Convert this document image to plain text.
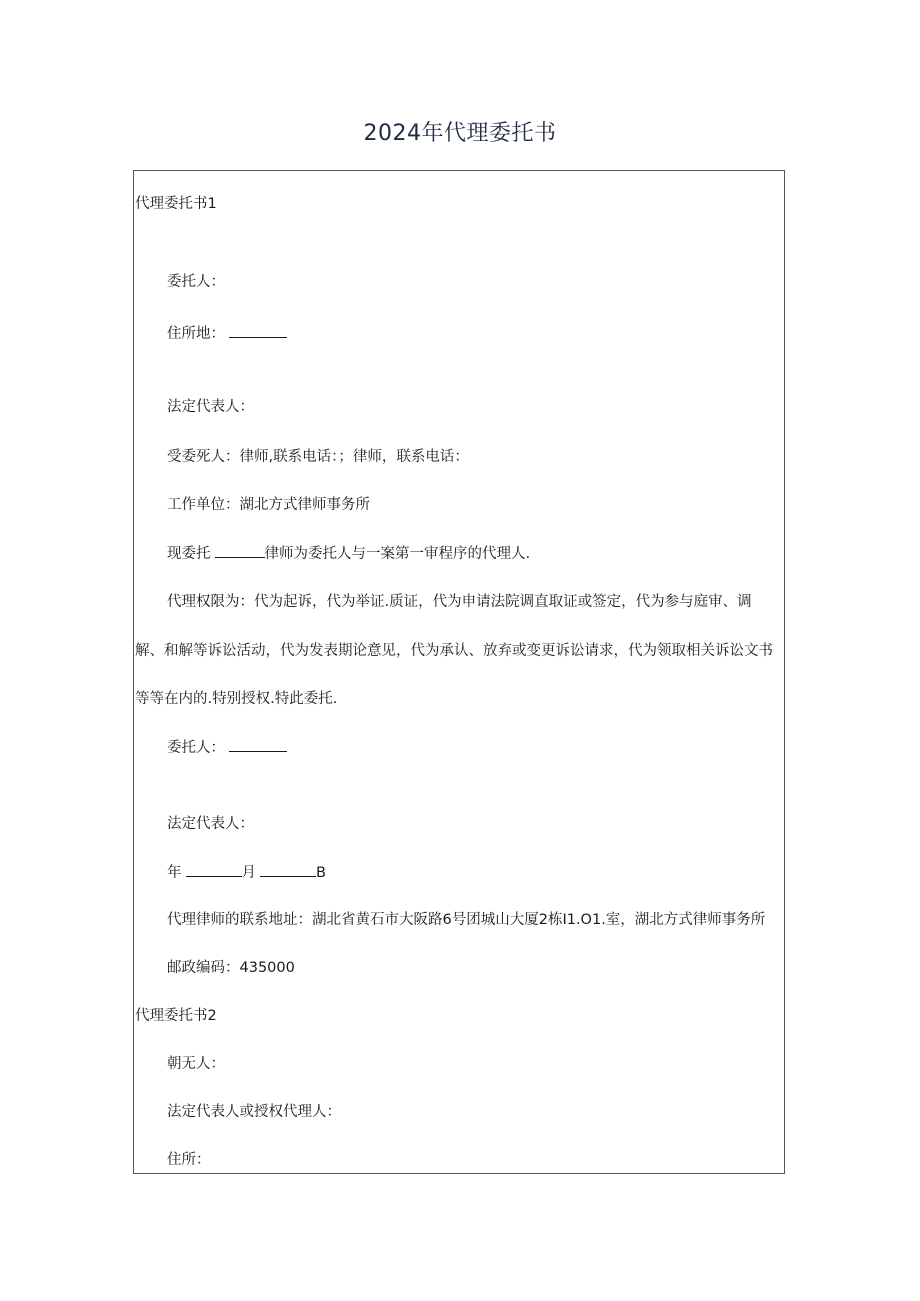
2024年代理委托书
代理委托书1
委托人：
住所地：
法定代表人：
受委死人：律师,联系电话：；律师，联系电话：
工作单位：湖北方式律师事务所
现委托	律师为委托人与一案第一审程序的代理人.
代理权限为：代为起诉，代为举证.质证，代为申请法院调直取证或签定，代为参与庭审、调
解、和解等诉讼活动，代为发表期论意见，代为承认、放弃或变更诉讼请求，代为领取相关诉讼文书
等等在内的.特别授权.特此委托.
委托人：
法定代表人：
年	月	B
代理律师的联系地址：湖北省黄石市大阪路6号团城山大厦2栋I1.O1.室，湖北方式律师事务所
邮政编码：435000
代理委托书2
朝无人：
法定代表人或授权代理人：
住所：
